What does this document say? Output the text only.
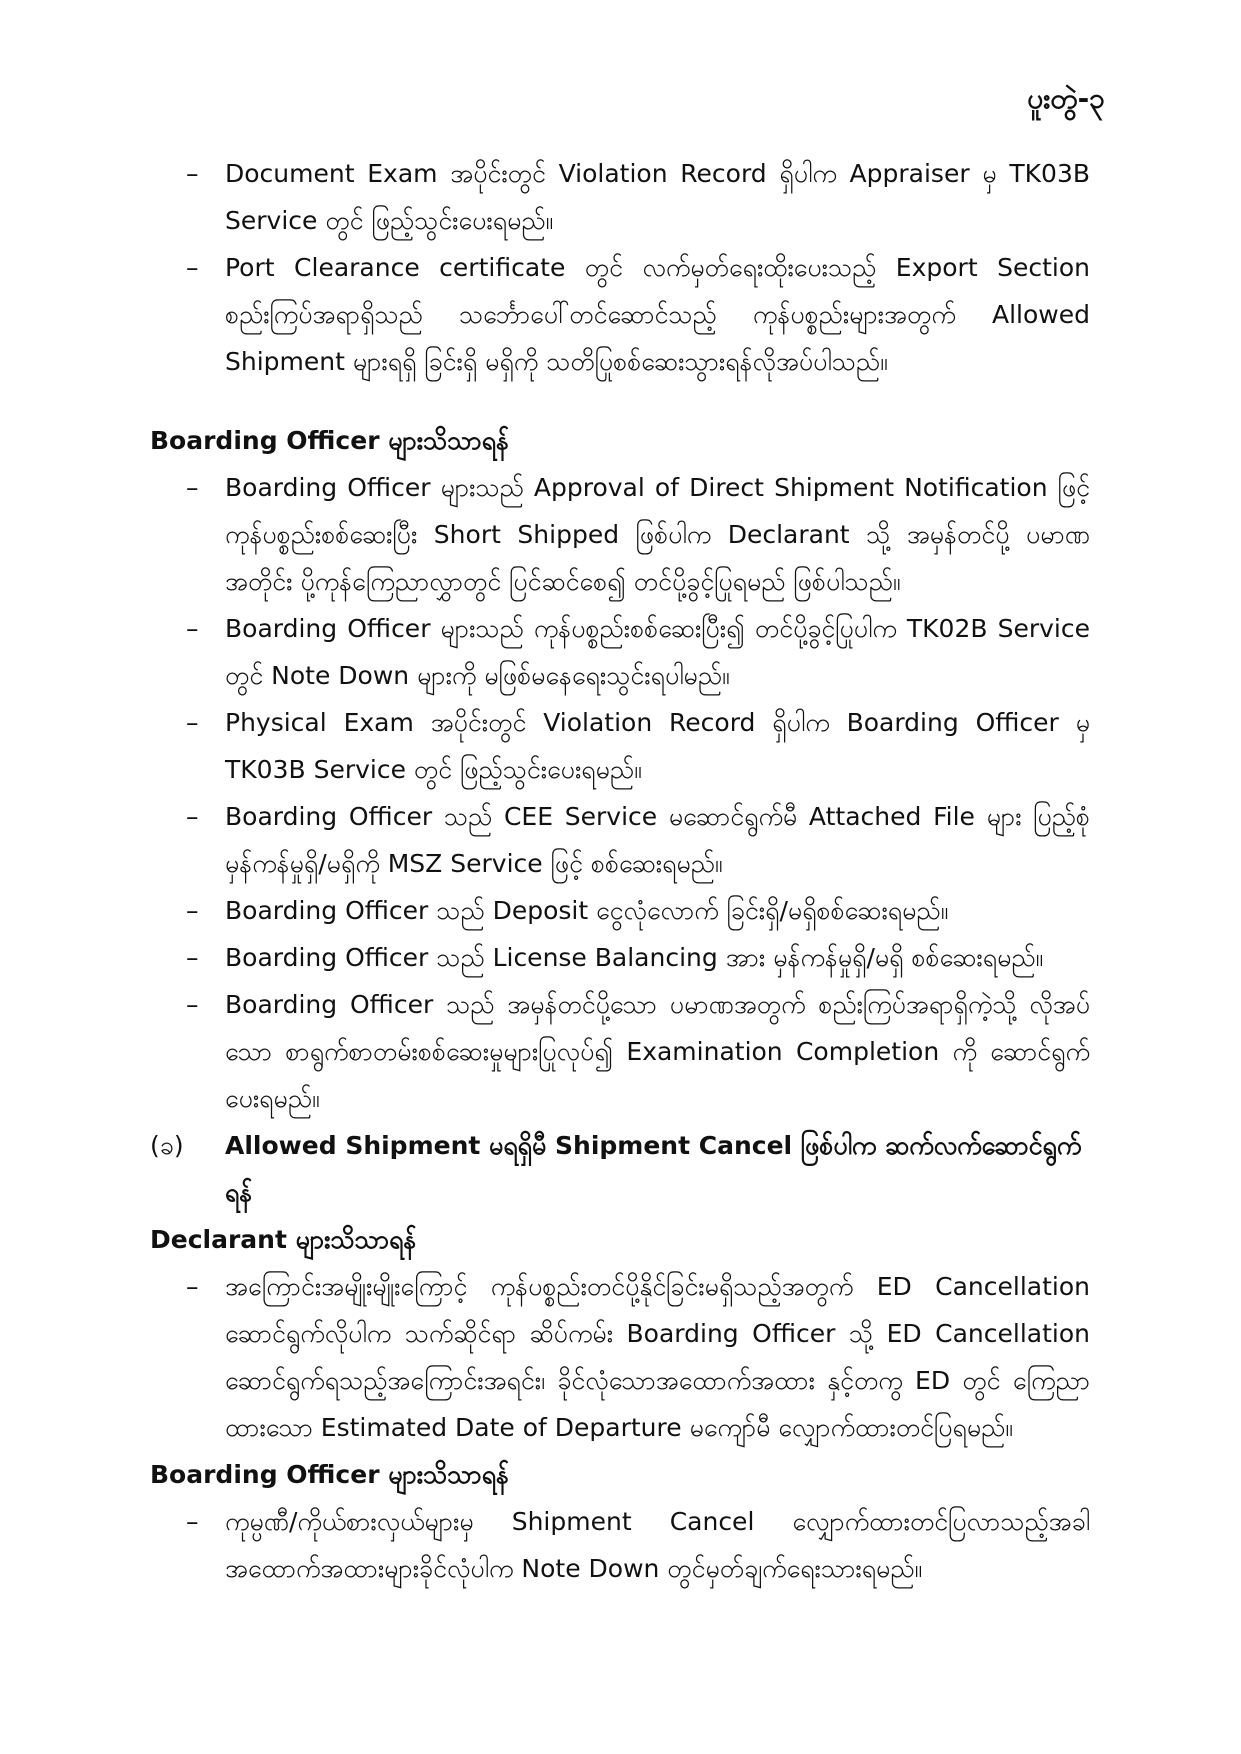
ပူးတွဲ-၃
– Document Exam အပိုင်းတွင် Violation Record ရှိပါက Appraiser မှ TK03B Service တွင် ဖြည့်သွင်းပေးရမည်။
– Port Clearance certificate တွင် လက်မှတ်ရေးထိုးပေးသည့် Export Section စည်းကြပ်အရာရှိသည် သင်္ဘောပေါ်တင်ဆောင်သည့် ကုန်ပစ္စည်းများအတွက် Allowed Shipment များရရှိ ခြင်းရှိ မရှိကို သတိပြုစစ်ဆေးသွားရန်လိုအပ်ပါသည်။

Boarding Officer များသိသာရန်

– Boarding Officer များသည် Approval of Direct Shipment Notification ဖြင့် ကုန်ပစ္စည်းစစ်ဆေးပြီး Short Shipped ဖြစ်ပါက Declarant သို့ အမှန်တင်ပို့ ပမာဏအတိုင်း ပို့ကုန်ကြေညာလွှာတွင် ပြင်ဆင်စေ၍ တင်ပို့ခွင့်ပြုရမည် ဖြစ်ပါသည်။
– Boarding Officer များသည် ကုန်ပစ္စည်းစစ်ဆေးပြီး၍ တင်ပို့ခွင့်ပြုပါက TK02B Service တွင် Note Down များကို မဖြစ်မနေရေးသွင်းရပါမည်။
– Physical Exam အပိုင်းတွင် Violation Record ရှိပါက Boarding Officer မှ TK03B Service တွင် ဖြည့်သွင်းပေးရမည်။
– Boarding Officer သည် CEE Service မဆောင်ရွက်မီ Attached File များ ပြည့်စုံမှန်ကန်မှုရှိ/မရှိကို MSZ Service ဖြင့် စစ်ဆေးရမည်။
– Boarding Officer သည် Deposit ငွေလုံလောက် ခြင်းရှိ/မရှိစစ်ဆေးရမည်။
– Boarding Officer သည် License Balancing အား မှန်ကန်မှုရှိ/မရှိ စစ်ဆေးရမည်။
– Boarding Officer သည် အမှန်တင်ပို့သော ပမာဏအတွက် စည်းကြပ်အရာရှိကဲ့သို့ လိုအပ်သော စာရွက်စာတမ်းစစ်ဆေးမှုများပြုလုပ်၍ Examination Completion ကို ဆောင်ရွက်ပေးရမည်။

(ခ) Allowed Shipment မရရှိမီ Shipment Cancel ဖြစ်ပါက ဆက်လက်ဆောင်ရွက်ရန်

Declarant များသိသာရန်

– အကြောင်းအမျိုးမျိုးကြောင့် ကုန်ပစ္စည်းတင်ပို့နိုင်ခြင်းမရှိသည့်အတွက် ED Cancellation ဆောင်ရွက်လိုပါက သက်ဆိုင်ရာ ဆိပ်ကမ်း Boarding Officer သို့ ED Cancellation ဆောင်ရွက်ရသည့်အကြောင်းအရင်း၊ ခိုင်လုံသောအထောက်အထား နှင့်တကွ ED တွင် ကြေညာထားသော Estimated Date of Departure မကျော်မီ လျှောက်ထားတင်ပြရမည်။

Boarding Officer များသိသာရန်

– ကုမ္ပဏီ/ကိုယ်စားလှယ်များမှ Shipment Cancel လျှောက်ထားတင်ပြလာသည့်အခါ အထောက်အထားများခိုင်လုံပါက Note Down တွင်မှတ်ချက်ရေးသားရမည်။
